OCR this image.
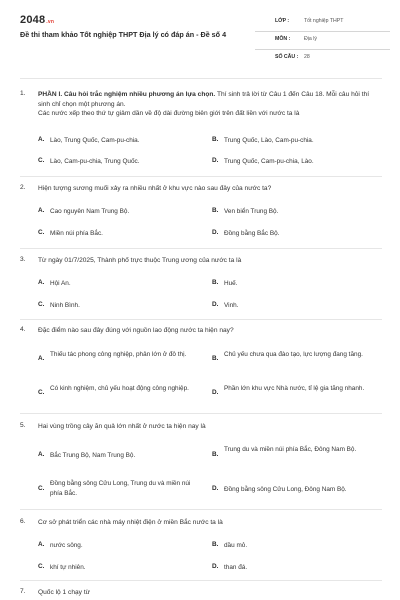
2048.vn
Đề thi tham khảo Tốt nghiệp THPT Địa lý có đáp án - Đề số 4
LỚP :	Tốt nghiệp THPT
MÔN :	Địa lý
SỐ CÂU : 28
1. PHẦN I. Câu hỏi trắc nghiệm nhiều phương án lựa chọn. Thí sinh trả lời từ Câu 1 đến Câu 18. Mỗi câu hỏi thí sinh chỉ chọn một phương án.
Các nước xếp theo thứ tự giảm dần về độ dài đường biên giới trên đất liền với nước ta là
A. Lào, Trung Quốc, Cam-pu-chia.	B. Trung Quốc, Lào, Cam-pu-chia.
C. Lào, Cam-pu-chia, Trung Quốc.	D. Trung Quốc, Cam-pu-chia, Lào.
2. Hiện tượng sương muối xảy ra nhiều nhất ở khu vực nào sau đây của nước ta?
A. Cao nguyên Nam Trung Bộ.	B. Ven biển Trung Bộ.
C. Miền núi phía Bắc.	D. Đồng bằng Bắc Bộ.
3. Từ ngày 01/7/2025, Thành phố trực thuộc Trung ương của nước ta là
A. Hội An.	B. Huế.
C. Ninh Bình.	D. Vinh.
4. Đặc điểm nào sau đây đúng với nguồn lao động nước ta hiện nay?
A.
Thiếu tác phong công nghiệp, phân lớn ở đô thị.
B.
Chủ yếu chưa qua đào tạo, lực lượng đang tăng.
C.
Có kinh nghiệm, chủ yếu hoạt động công nghiệp.
D.
Phần lớn khu vực Nhà nước, tỉ lệ gia tăng nhanh.
5. Hai vùng trồng cây ăn quả lớn nhất ở nước ta hiện nay là
A. Bắc Trung Bộ, Nam Trung Bộ.	B.
Trung du và miền núi phía Bắc, Đông Nam Bộ.
C.
Đồng bằng sông Cửu Long, Trung du và miền núi phía Bắc.
D. Đồng bằng sông Cửu Long, Đông Nam Bộ.
6. Cơ sở phát triển các nhà máy nhiệt điện ở miền Bắc nước ta là
A. nước sông.	B. dầu mỏ.
C. khí tự nhiên.	D. than đá.
7. Quốc lộ 1 chạy từ
